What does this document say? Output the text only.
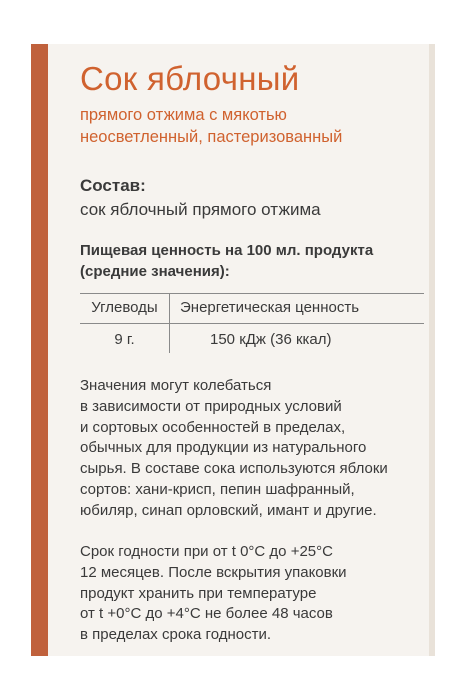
Сок яблочный
прямого отжима с мякотью
неосветленный, пастеризованный
Состав:
сок яблочный прямого отжима
Пищевая ценность на 100 мл. продукта
(средние значения):
Углеводы	Энергетическая ценность
9 г.	150 кДж (36 ккал)
Значения могут колебаться
в зависимости от природных условий
и сортовых особенностей в пределах,
обычных для продукции из натурального
сырья. В составе сока используются яблоки
сортов: хани-крисп, пепин шафранный,
юбиляр, синап орловский, имант и другие.
Срок годности при от t 0°С до +25°С
12 месяцев. После вскрытия упаковки
продукт хранить при температуре
от t +0°С до +4°С не более 48 часов
в пределах срока годности.
